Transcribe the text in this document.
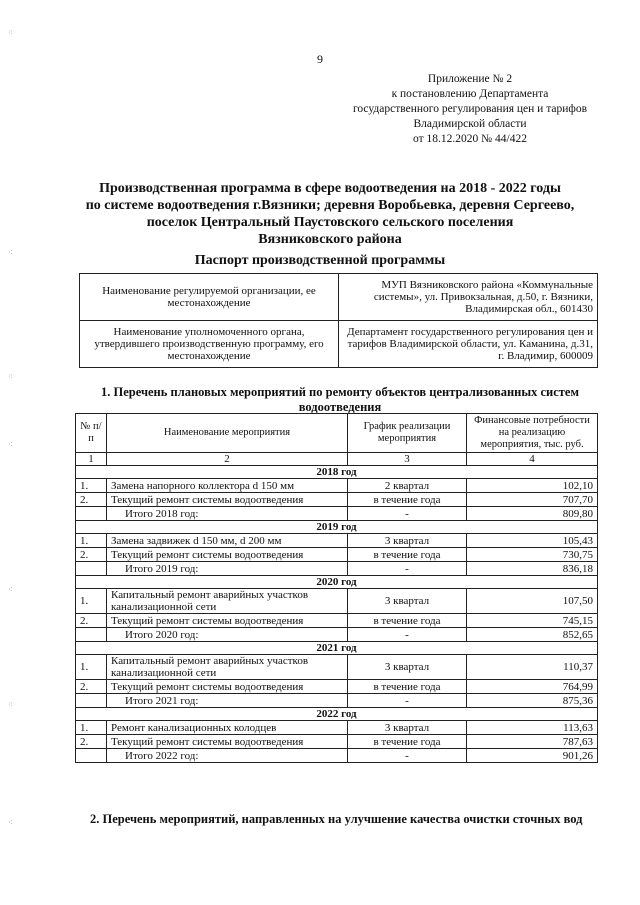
9
Приложение № 2
к постановлению Департамента
государственного регулирования цен и тарифов
Владимирской области
от 18.12.2020 № 44/422
Производственная программа в сфере водоотведения на 2018 - 2022 годы
по системе водоотведения г.Вязники; деревня Воробьевка, деревня Сергеево,
поселок Центральный Паустовского сельского поселения
Вязниковского района
Паспорт производственной программы
Наименование регулируемой организации, ее местонахождение	МУП Вязниковского района «Коммунальные системы», ул. Привокзальная, д.50, г. Вязники, Владимирская обл., 601430
Наименование уполномоченного органа, утвердившего производственную программу, его местонахождение	Департамент государственного регулирования цен и тарифов Владимирской области, ул. Каманина, д.31, г. Владимир, 600009
1. Перечень плановых мероприятий по ремонту объектов централизованных систем водоотведения
№ п/п	Наименование мероприятия	График реализации мероприятия	Финансовые потребности на реализацию мероприятия, тыс. руб.
1	2	3	4
2018 год			
1.	Замена напорного коллектора d 150 мм	2 квартал	102,10
2.	Текущий ремонт системы водоотведения	в течение года	707,70
	Итого 2018 год:	-	809,80
2019 год			
1.	Замена задвижек d 150 мм, d 200 мм	3 квартал	105,43
2.	Текущий ремонт системы водоотведения	в течение года	730,75
	Итого 2019 год:	-	836,18
2020 год			
1.	Капитальный ремонт аварийных участков канализационной сети	3 квартал	107,50
2.	Текущий ремонт системы водоотведения	в течение года	745,15
	Итого 2020 год:	-	852,65
2021 год			
1.	Капитальный ремонт аварийных участков канализационной сети	3 квартал	110,37
2.	Текущий ремонт системы водоотведения	в течение года	764,99
	Итого 2021 год:	-	875,36
2022 год			
1.	Ремонт канализационных колодцев	3 квартал	113,63
2.	Текущий ремонт системы водоотведения	в течение года	787,63
	Итого 2022 год:	-	901,26
2. Перечень мероприятий, направленных на улучшение качества очистки сточных вод
⁖
⁖
⁖
⁖
⁖
⁖
⁖
